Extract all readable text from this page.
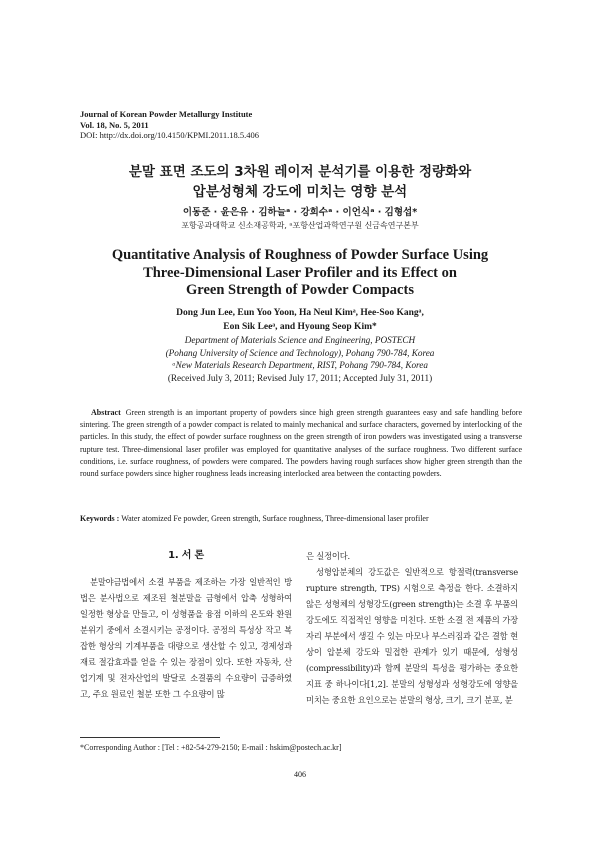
Journal of Korean Powder Metallurgy Institute
Vol. 18, No. 5, 2011
DOI: http://dx.doi.org/10.4150/KPMI.2011.18.5.406
분말 표면 조도의 3차원 레이저 분석기를 이용한 정량화와
압분성형체 강도에 미치는 영향 분석
이동준 · 윤은유 · 김하늘ᵃ · 강희수ᵃ · 이언식ᵃ · 김형섭*
포항공과대학교 신소재공학과, ᵃ포항산업과학연구원 신금속연구본부
Quantitative Analysis of Roughness of Powder Surface Using
Three-Dimensional Laser Profiler and its Effect on
Green Strength of Powder Compacts
Dong Jun Lee, Eun Yoo Yoon, Ha Neul Kimᵃ, Hee-Soo Kangᵃ,
Eon Sik Leeᵃ, and Hyoung Seop Kim*
Department of Materials Science and Engineering, POSTECH
(Pohang University of Science and Technology), Pohang 790-784, Korea
ᵃNew Materials Research Department, RIST, Pohang 790-784, Korea
(Received July 3, 2011; Revised July 17, 2011; Accepted July 31, 2011)
Abstract Green strength is an important property of powders since high green strength guarantees easy and safe handling before sintering. The green strength of a powder compact is related to mainly mechanical and surface characters, governed by interlocking of the particles. In this study, the effect of powder surface roughness on the green strength of iron powders was investigated using a transverse rupture test. Three-dimensional laser profiler was employed for quantitative analyses of the surface roughness. Two different surface conditions, i.e. surface roughness, of powders were compared. The powders having rough surfaces show higher green strength than the round surface powders since higher roughness leads increasing interlocked area between the contacting powders.
Keywords : Water atomized Fe powder, Green strength, Surface roughness, Three-dimensional laser profiler
1. 서 론

분말야금법에서 소결 부품을 제조하는 가장 일반적인 방법은 분사법으로 제조된 철분말을 금형에서 압축 성형하여 일정한 형상을 만들고, 이 성형품을 융점 이하의 온도와 환원분위기 중에서 소결시키는 공정이다. 공정의 특성상 작고 복잡한 형상의 기계부품을 대량으로 생산할 수 있고, 경제성과 재료 절감효과를 얻을 수 있는 장점이 있다. 또한 자동차, 산업기계 및 전자산업의 발달로 소결품의 수요량이 급증하였고, 주요 원료인 철분 또한 그 수요량이 많

은 실정이다.

성형압분체의 강도값은 일반적으로 항절력(transverse rupture strength, TPS) 시험으로 측정을 한다. 소결하지 않은 성형체의 성형강도(green strength)는 소결 후 부품의 강도에도 직접적인 영향을 미친다. 또한 소결 전 제품의 가장자리 부분에서 생길 수 있는 마모나 부스러짐과 같은 결함 현상이 압분체 강도와 밀접한 관계가 있기 때문에, 성형성(compressibility)과 함께 분말의 특성을 평가하는 중요한 지표 중 하나이다[1,2]. 분말의 성형성과 성형강도에 영향을 미치는 중요한 요인으로는 분말의 형상, 크기, 크기 분포, 분

*Corresponding Author : [Tel : +82-54-279-2150; E-mail : hskim@postech.ac.kr]
406
